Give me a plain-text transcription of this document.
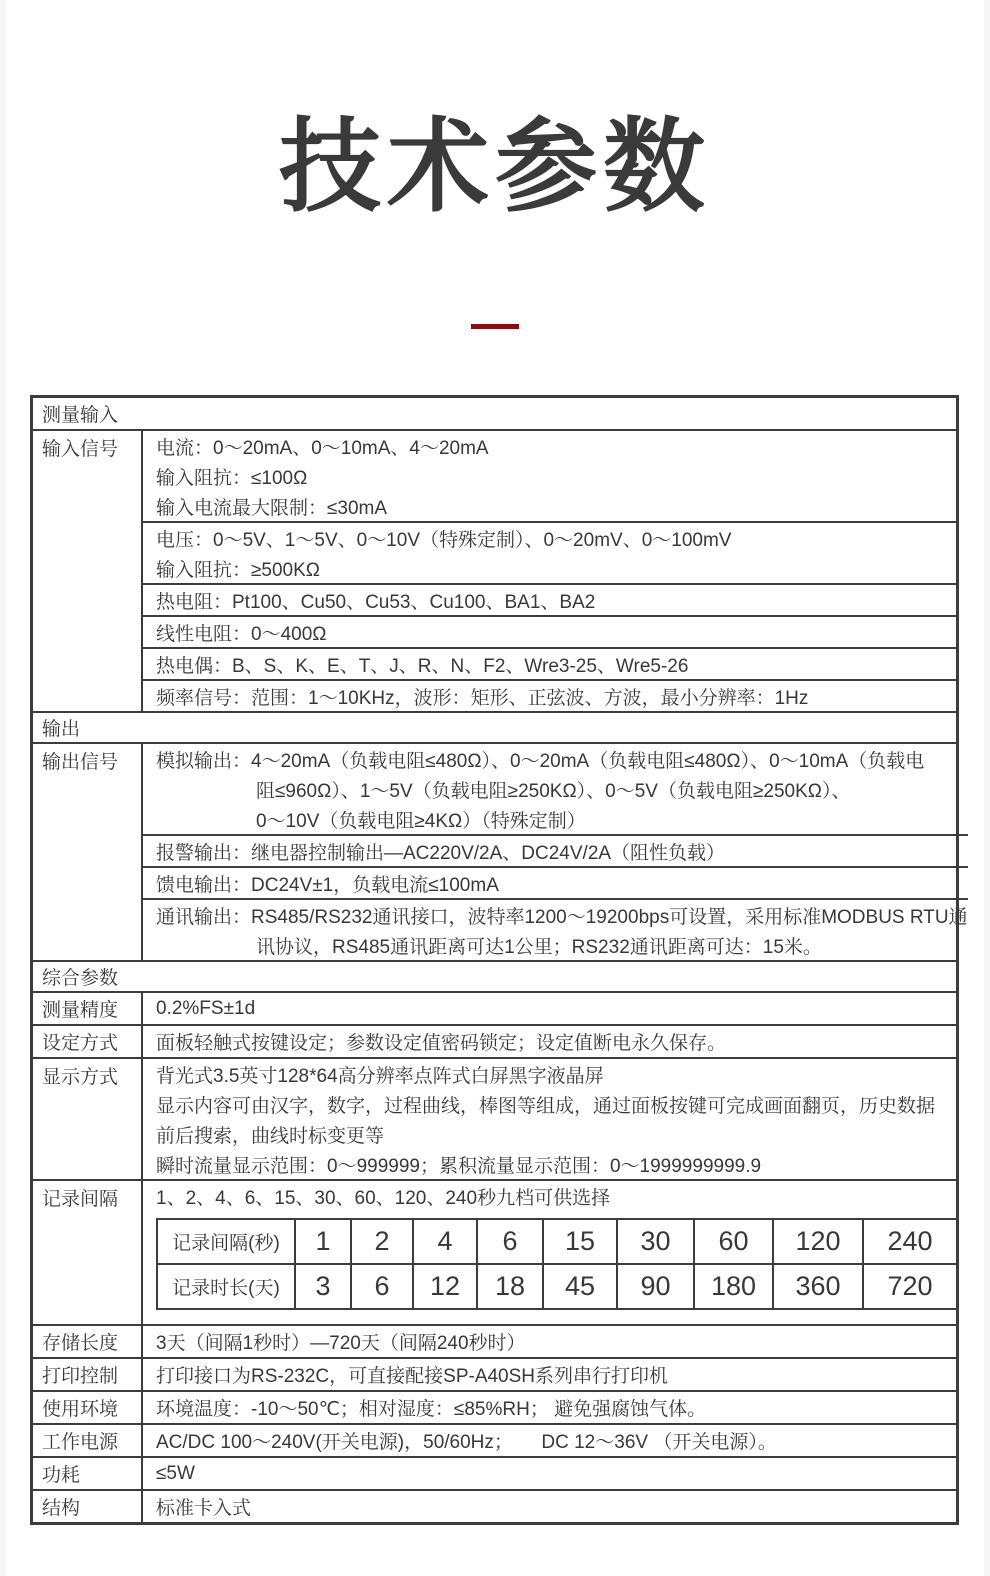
技术参数
测量输入
输入信号 电流：0～20mA、0～10mA、4～20mA
输入阻抗：≤100Ω
输入电流最大限制：≤30mA
电压：0～5V、1～5V、0～10V（特殊定制）、0～20mV、0～100mV
输入阻抗：≥500KΩ
热电阻：Pt100、Cu50、Cu53、Cu100、BA1、BA2
线性电阻：0～400Ω
热电偶：B、S、K、E、T、J、R、N、F2、Wre3-25、Wre5-26
频率信号：范围：1～10KHz，波形：矩形、正弦波、方波，最小分辨率：1Hz
输出
输出信号 模拟输出：4～20mA（负载电阻≤480Ω）、0～20mA（负载电阻≤480Ω）、0～10mA（负载电
阻≤960Ω）、1～5V（负载电阻≥250KΩ）、0～5V（负载电阻≥250KΩ）、
0～10V（负载电阻≥4KΩ）（特殊定制）
报警输出：继电器控制输出—AC220V/2A、DC24V/2A（阻性负载）
馈电输出：DC24V±1，负载电流≤100mA
通讯输出：RS485/RS232通讯接口，波特率1200～19200bps可设置，采用标准MODBUS RTU通
讯协议，RS485通讯距离可达1公里；RS232通讯距离可达：15米。
综合参数
测量精度 0.2%FS±1d
设定方式 面板轻触式按键设定；参数设定值密码锁定；设定值断电永久保存。
显示方式 背光式3.5英寸128*64高分辨率点阵式白屏黑字液晶屏
显示内容可由汉字，数字，过程曲线，棒图等组成，通过面板按键可完成画面翻页，历史数据
前后搜索，曲线时标变更等
瞬时流量显示范围：0～999999；累积流量显示范围：0～1999999999.9
记录间隔 1、2、4、6、15、30、60、120、240秒九档可供选择
记录间隔(秒) 1 2 4 6 15 30 60 120 240
记录时长(天) 3 6 12 18 45 90 180 360 720
存储长度 3天（间隔1秒时）—720天（间隔240秒时）
打印控制 打印接口为RS-232C，可直接配接SP-A40SH系列串行打印机
使用环境 环境温度：-10～50℃；相对湿度：≤85%RH； 避免强腐蚀气体。
工作电源 AC/DC 100～240V(开关电源)，50/60Hz；　　DC 12～36V （开关电源）。
功耗	≤5W
结构	标准卡入式
